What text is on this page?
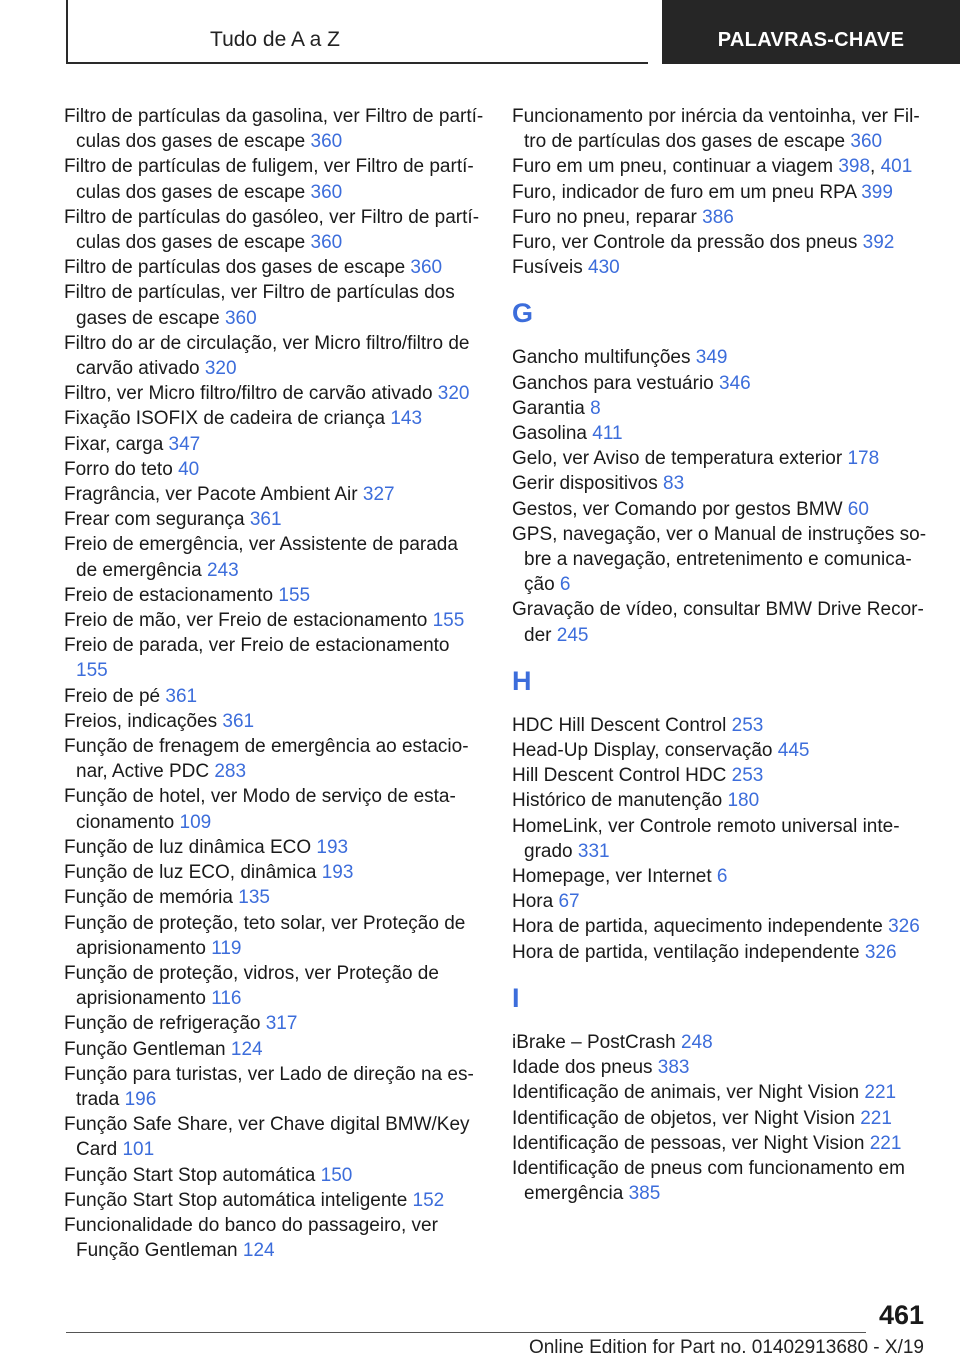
Tudo de A a Z	PALAVRAS-CHAVE
Filtro de partículas da gasolina, ver Filtro de partículas dos gases de escape 360
Filtro de partículas de fuligem, ver Filtro de partículas dos gases de escape 360
Filtro de partículas do gasóleo, ver Filtro de partículas dos gases de escape 360
Filtro de partículas dos gases de escape 360
Filtro de partículas, ver Filtro de partículas dos gases de escape 360
Filtro do ar de circulação, ver Micro filtro/filtro de carvão ativado 320
Filtro, ver Micro filtro/filtro de carvão ativado 320
Fixação ISOFIX de cadeira de criança 143
Fixar, carga 347
Forro do teto 40
Fragrância, ver Pacote Ambient Air 327
Frear com segurança 361
Freio de emergência, ver Assistente de parada de emergência 243
Freio de estacionamento 155
Freio de mão, ver Freio de estacionamento 155
Freio de parada, ver Freio de estacionamento 155
Freio de pé 361
Freios, indicações 361
Função de frenagem de emergência ao estacionar, Active PDC 283
Função de hotel, ver Modo de serviço de estacionamento 109
Função de luz dinâmica ECO 193
Função de luz ECO, dinâmica 193
Função de memória 135
Função de proteção, teto solar, ver Proteção de aprisionamento 119
Função de proteção, vidros, ver Proteção de aprisionamento 116
Função de refrigeração 317
Função Gentleman 124
Função para turistas, ver Lado de direção na estrada 196
Função Safe Share, ver Chave digital BMW/Key Card 101
Função Start Stop automática 150
Função Start Stop automática inteligente 152
Funcionalidade do banco do passageiro, ver Função Gentleman 124
Funcionamento por inércia da ventoinha, ver Filtro de partículas dos gases de escape 360
Furo em um pneu, continuar a viagem 398, 401
Furo, indicador de furo em um pneu RPA 399
Furo no pneu, reparar 386
Furo, ver Controle da pressão dos pneus 392
Fusíveis 430
G
Gancho multifunções 349
Ganchos para vestuário 346
Garantia 8
Gasolina 411
Gelo, ver Aviso de temperatura exterior 178
Gerir dispositivos 83
Gestos, ver Comando por gestos BMW 60
GPS, navegação, ver o Manual de instruções sobre a navegação, entretenimento e comunicação 6
Gravação de vídeo, consultar BMW Drive Recorder 245
H
HDC Hill Descent Control 253
Head-Up Display, conservação 445
Hill Descent Control HDC 253
Histórico de manutenção 180
HomeLink, ver Controle remoto universal integrado 331
Homepage, ver Internet 6
Hora 67
Hora de partida, aquecimento independente 326
Hora de partida, ventilação independente 326
I
iBrake – PostCrash 248
Idade dos pneus 383
Identificação de animais, ver Night Vision 221
Identificação de objetos, ver Night Vision 221
Identificação de pessoas, ver Night Vision 221
Identificação de pneus com funcionamento em emergência 385
461
Online Edition for Part no. 01402913680 - X/19
